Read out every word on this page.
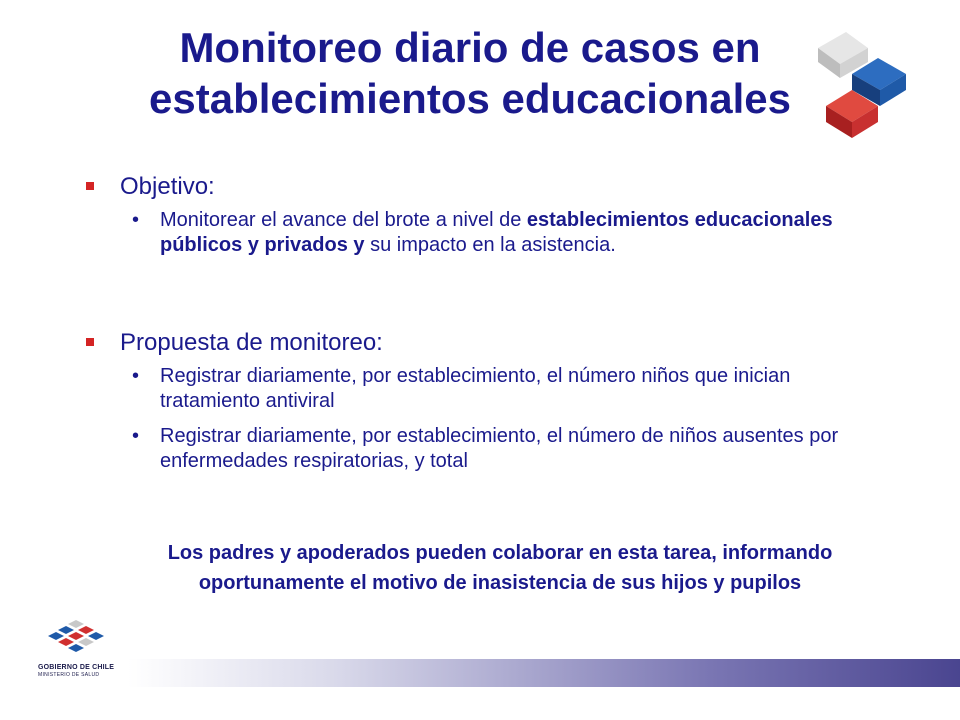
Monitoreo diario de casos en establecimientos educacionales
Objetivo:
• Monitorear el avance del brote a nivel de establecimientos educacionales públicos y privados y su impacto en la asistencia.
Propuesta de monitoreo:
• Registrar diariamente, por establecimiento, el número niños que inician tratamiento antiviral
• Registrar diariamente, por establecimiento, el número de niños ausentes por enfermedades respiratorias, y total
Los padres y apoderados pueden colaborar en esta tarea, informando oportunamente el motivo de inasistencia de sus hijos y pupilos
GOBIERNO DE CHILE
MINISTERIO DE SALUD
